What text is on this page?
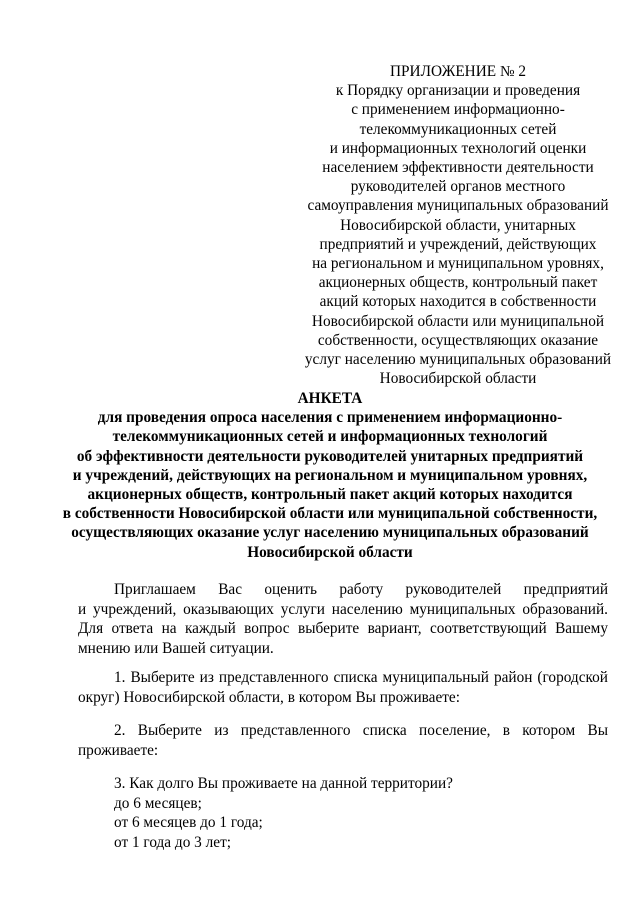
ПРИЛОЖЕНИЕ № 2
к Порядку организации и проведения
с применением информационно-
телекоммуникационных сетей
и информационных технологий оценки
населением эффективности деятельности
руководителей органов местного
самоуправления муниципальных образований
Новосибирской области, унитарных
предприятий и учреждений, действующих
на региональном и муниципальном уровнях,
акционерных обществ, контрольный пакет
акций которых находится в собственности
Новосибирской области или муниципальной
собственности, осуществляющих оказание
услуг населению муниципальных образований
Новосибирской области
АНКЕТА
для проведения опроса населения с применением информационно-
телекоммуникационных сетей и информационных технологий
об эффективности деятельности руководителей унитарных предприятий
и учреждений, действующих на региональном и муниципальном уровнях,
акционерных обществ, контрольный пакет акций которых находится
в собственности Новосибирской области или муниципальной собственности,
осуществляющих оказание услуг населению муниципальных образований
Новосибирской области
Приглашаем Вас оценить работу руководителей предприятий
и учреждений, оказывающих услуги населению муниципальных образований.
Для ответа на каждый вопрос выберите вариант, соответствующий Вашему
мнению или Вашей ситуации.
1. Выберите из представленного списка муниципальный район (городской
округ) Новосибирской области, в котором Вы проживаете:
2. Выберите из представленного списка поселение, в котором Вы
проживаете:
3. Как долго Вы проживаете на данной территории?
до 6 месяцев;
от 6 месяцев до 1 года;
от 1 года до 3 лет;
